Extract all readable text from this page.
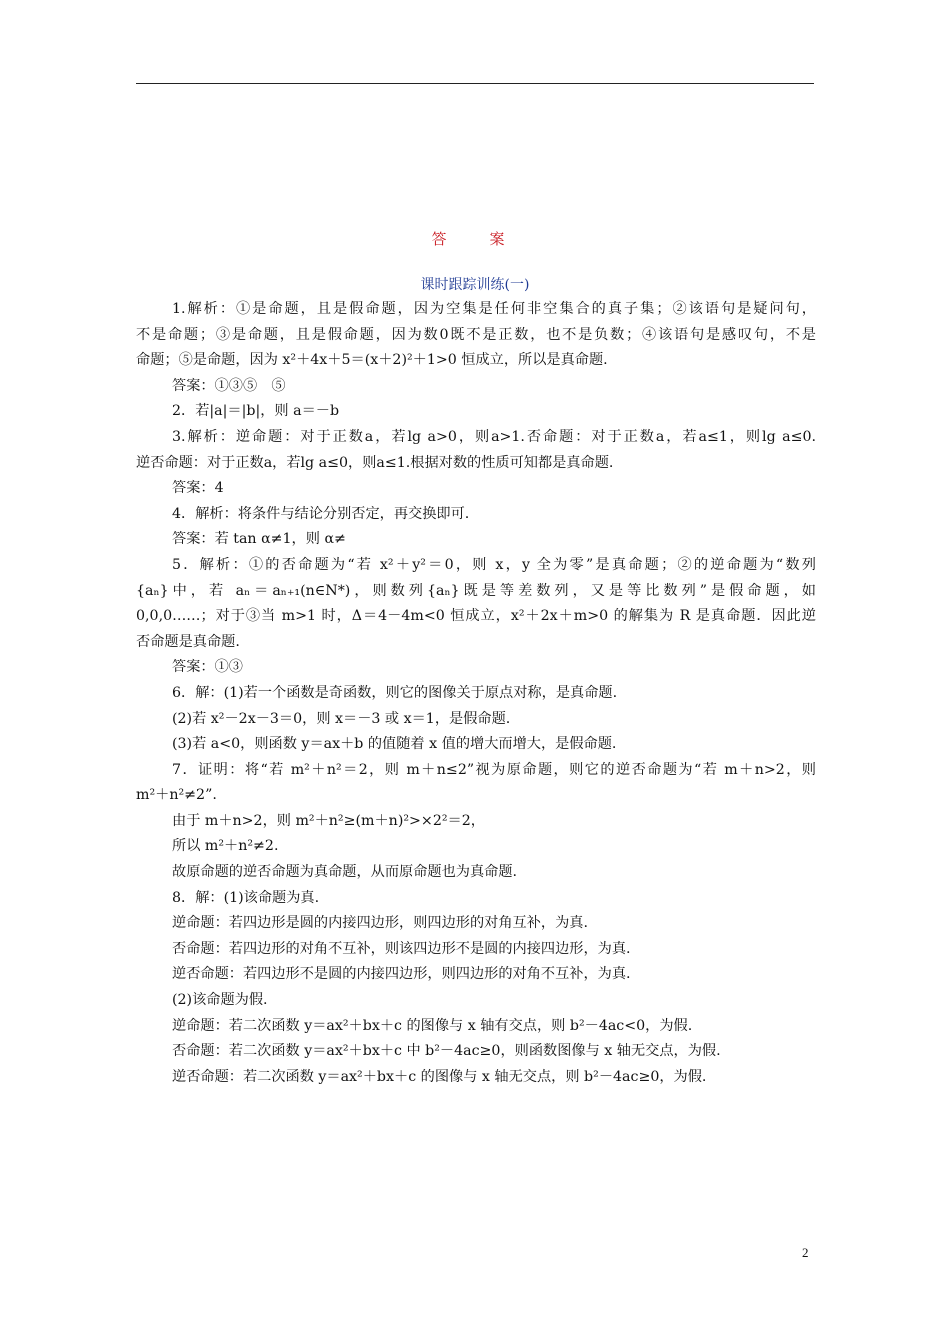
答　案
课时跟踪训练(一)
1.解析：①是命题，且是假命题，因为空集是任何非空集合的真子集；②该语句是疑问句，
不是命题；③是命题，且是假命题，因为数0既不是正数，也不是负数；④该语句是感叹句，不是
命题；⑤是命题，因为 x²＋4x＋5＝(x＋2)²＋1>0 恒成立，所以是真命题.
答案：①③⑤　⑤
2．若|a|＝|b|，则 a＝－b
3.解析：逆命题：对于正数a，若lg a>0，则a>1.否命题：对于正数a，若a≤1，则lg a≤0.
逆否命题：对于正数a，若lg a≤0，则a≤1.根据对数的性质可知都是真命题.
答案：4
4．解析：将条件与结论分别否定，再交换即可.
答案：若 tan α≠1，则 α≠
5．解析：①的否命题为“若 x²＋y²＝0，则 x，y 全为零”是真命题；②的逆命题为“数列
{aₙ}中，若 aₙ＝aₙ₊₁(n∈N*)，则数列{aₙ}既是等差数列，又是等比数列”是假命题，如
0,0,0……；对于③当 m>1 时，Δ＝4－4m<0 恒成立，x²＋2x＋m>0 的解集为 R 是真命题．因此逆
否命题是真命题.
答案：①③
6．解：(1)若一个函数是奇函数，则它的图像关于原点对称，是真命题.
(2)若 x²－2x－3＝0，则 x＝－3 或 x＝1，是假命题.
(3)若 a<0，则函数 y＝ax＋b 的值随着 x 值的增大而增大，是假命题.
7．证明：将“若 m²＋n²＝2，则 m＋n≤2”视为原命题，则它的逆否命题为“若 m＋n>2，则
m²＋n²≠2”.
由于 m＋n>2，则 m²＋n²≥(m＋n)²>×2²＝2，
所以 m²＋n²≠2.
故原命题的逆否命题为真命题，从而原命题也为真命题.
8．解：(1)该命题为真.
逆命题：若四边形是圆的内接四边形，则四边形的对角互补，为真.
否命题：若四边形的对角不互补，则该四边形不是圆的内接四边形，为真.
逆否命题：若四边形不是圆的内接四边形，则四边形的对角不互补，为真.
(2)该命题为假.
逆命题：若二次函数 y＝ax²＋bx＋c 的图像与 x 轴有交点，则 b²－4ac<0，为假.
否命题：若二次函数 y＝ax²＋bx＋c 中 b²－4ac≥0，则函数图像与 x 轴无交点，为假.
逆否命题：若二次函数 y＝ax²＋bx＋c 的图像与 x 轴无交点，则 b²－4ac≥0，为假.
2
